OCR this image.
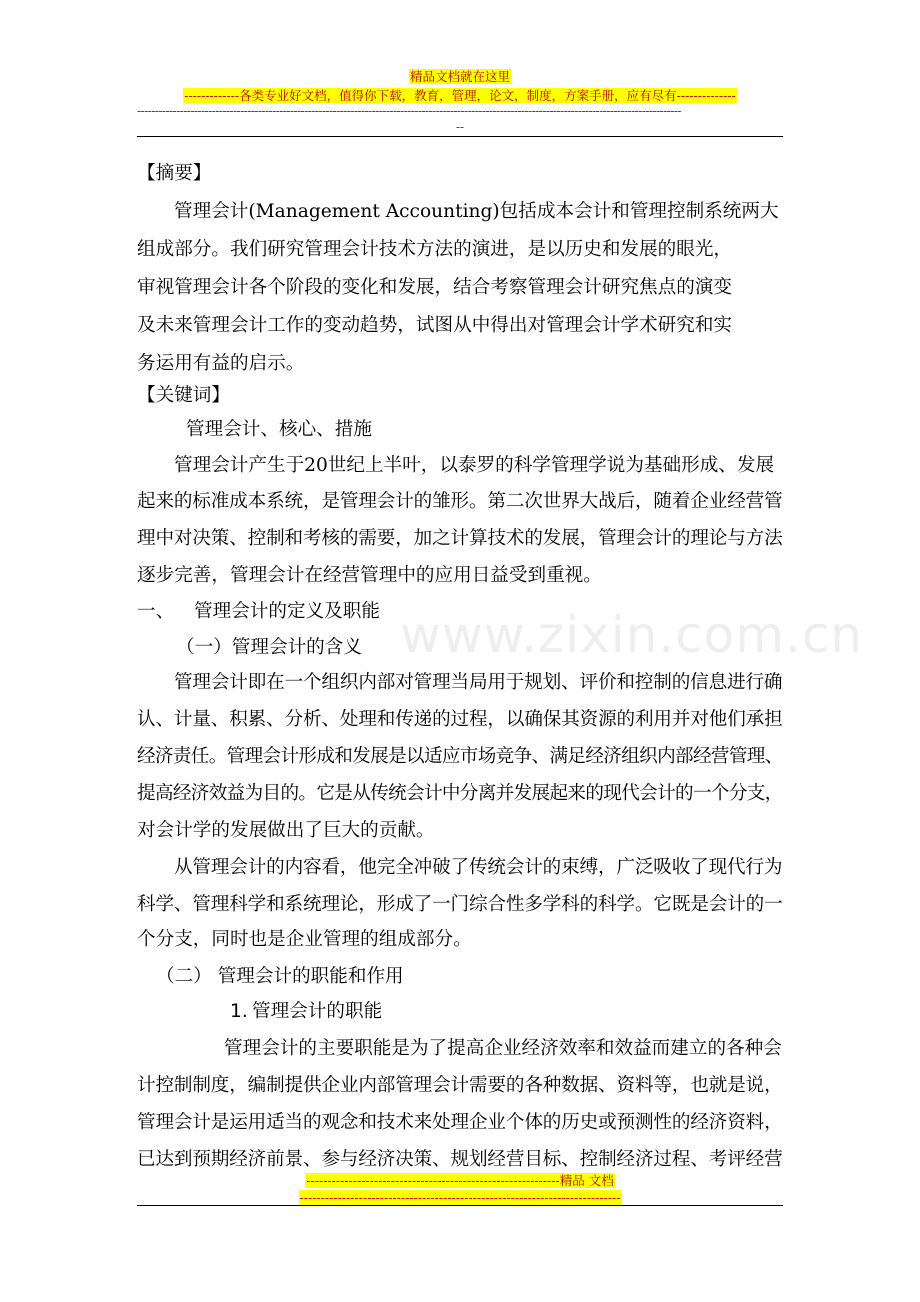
精品文档就在这里
-------------各类专业好文档，值得你下载，教育，管理，论文，制度，方案手册，应有尽有--------------
---------------------------------------------------------------------------------------------------------------------------------------------------------
--
www.zixin.com.cn
【摘要】
管理会计(Management Accounting)包括成本会计和管理控制系统两大
组成部分。我们研究管理会计技术方法的演进，是以历史和发展的眼光，
审视管理会计各个阶段的变化和发展，结合考察管理会计研究焦点的演变
及未来管理会计工作的变动趋势，试图从中得出对管理会计学术研究和实
务运用有益的启示。
【关键词】
管理会计、核心、措施
管理会计产生于20世纪上半叶，以泰罗的科学管理学说为基础形成、发展
起来的标准成本系统，是管理会计的雏形。第二次世界大战后，随着企业经营管
理中对决策、控制和考核的需要，加之计算技术的发展，管理会计的理论与方法
逐步完善，管理会计在经营管理中的应用日益受到重视。
一、 管理会计的定义及职能
（一）管理会计的含义
管理会计即在一个组织内部对管理当局用于规划、评价和控制的信息进行确
认、计量、积累、分析、处理和传递的过程，以确保其资源的利用并对他们承担
经济责任。管理会计形成和发展是以适应市场竞争、满足经济组织内部经营管理、
提高经济效益为目的。它是从传统会计中分离并发展起来的现代会计的一个分支，
对会计学的发展做出了巨大的贡献。
从管理会计的内容看，他完全冲破了传统会计的束缚，广泛吸收了现代行为
科学、管理科学和系统理论，形成了一门综合性多学科的科学。它既是会计的一
个分支，同时也是企业管理的组成部分。
（二） 管理会计的职能和作用
1. 管理会计的职能
管理会计的主要职能是为了提高企业经济效率和效益而建立的各种会
计控制制度，编制提供企业内部管理会计需要的各种数据、资料等，也就是说，
管理会计是运用适当的观念和技术来处理企业个体的历史或预测性的经济资料，
已达到预期经济前景、参与经济决策、规划经营目标、控制经济过程、考评经营
------------------------------------------------------------精品 文档
----------------------------------------------------------------------------
